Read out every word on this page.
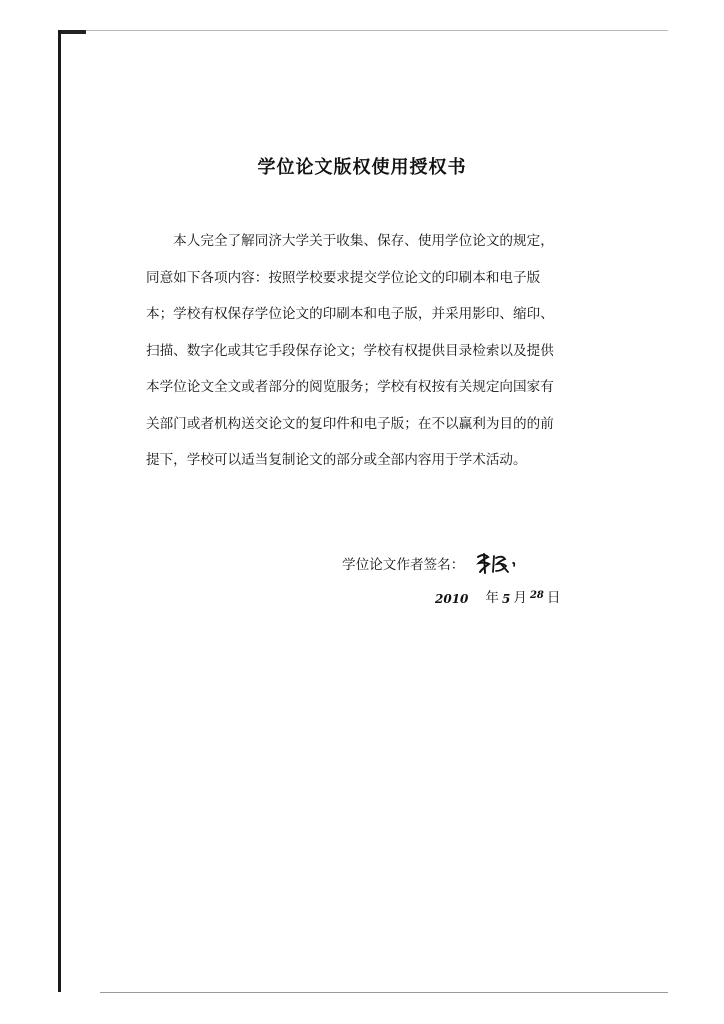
学位论文版权使用授权书
　　本人完全了解同济大学关于收集、保存、使用学位论文的规定，
同意如下各项内容：按照学校要求提交学位论文的印刷本和电子版
本；学校有权保存学位论文的印刷本和电子版，并采用影印、缩印、
扫描、数字化或其它手段保存论文；学校有权提供目录检索以及提供
本学位论文全文或者部分的阅览服务；学校有权按有关规定向国家有
关部门或者机构送交论文的复印件和电子版；在不以赢利为目的的前
提下，学校可以适当复制论文的部分或全部内容用于学术活动。
学位论文作者签名：
2010 年 5 月 28 日
